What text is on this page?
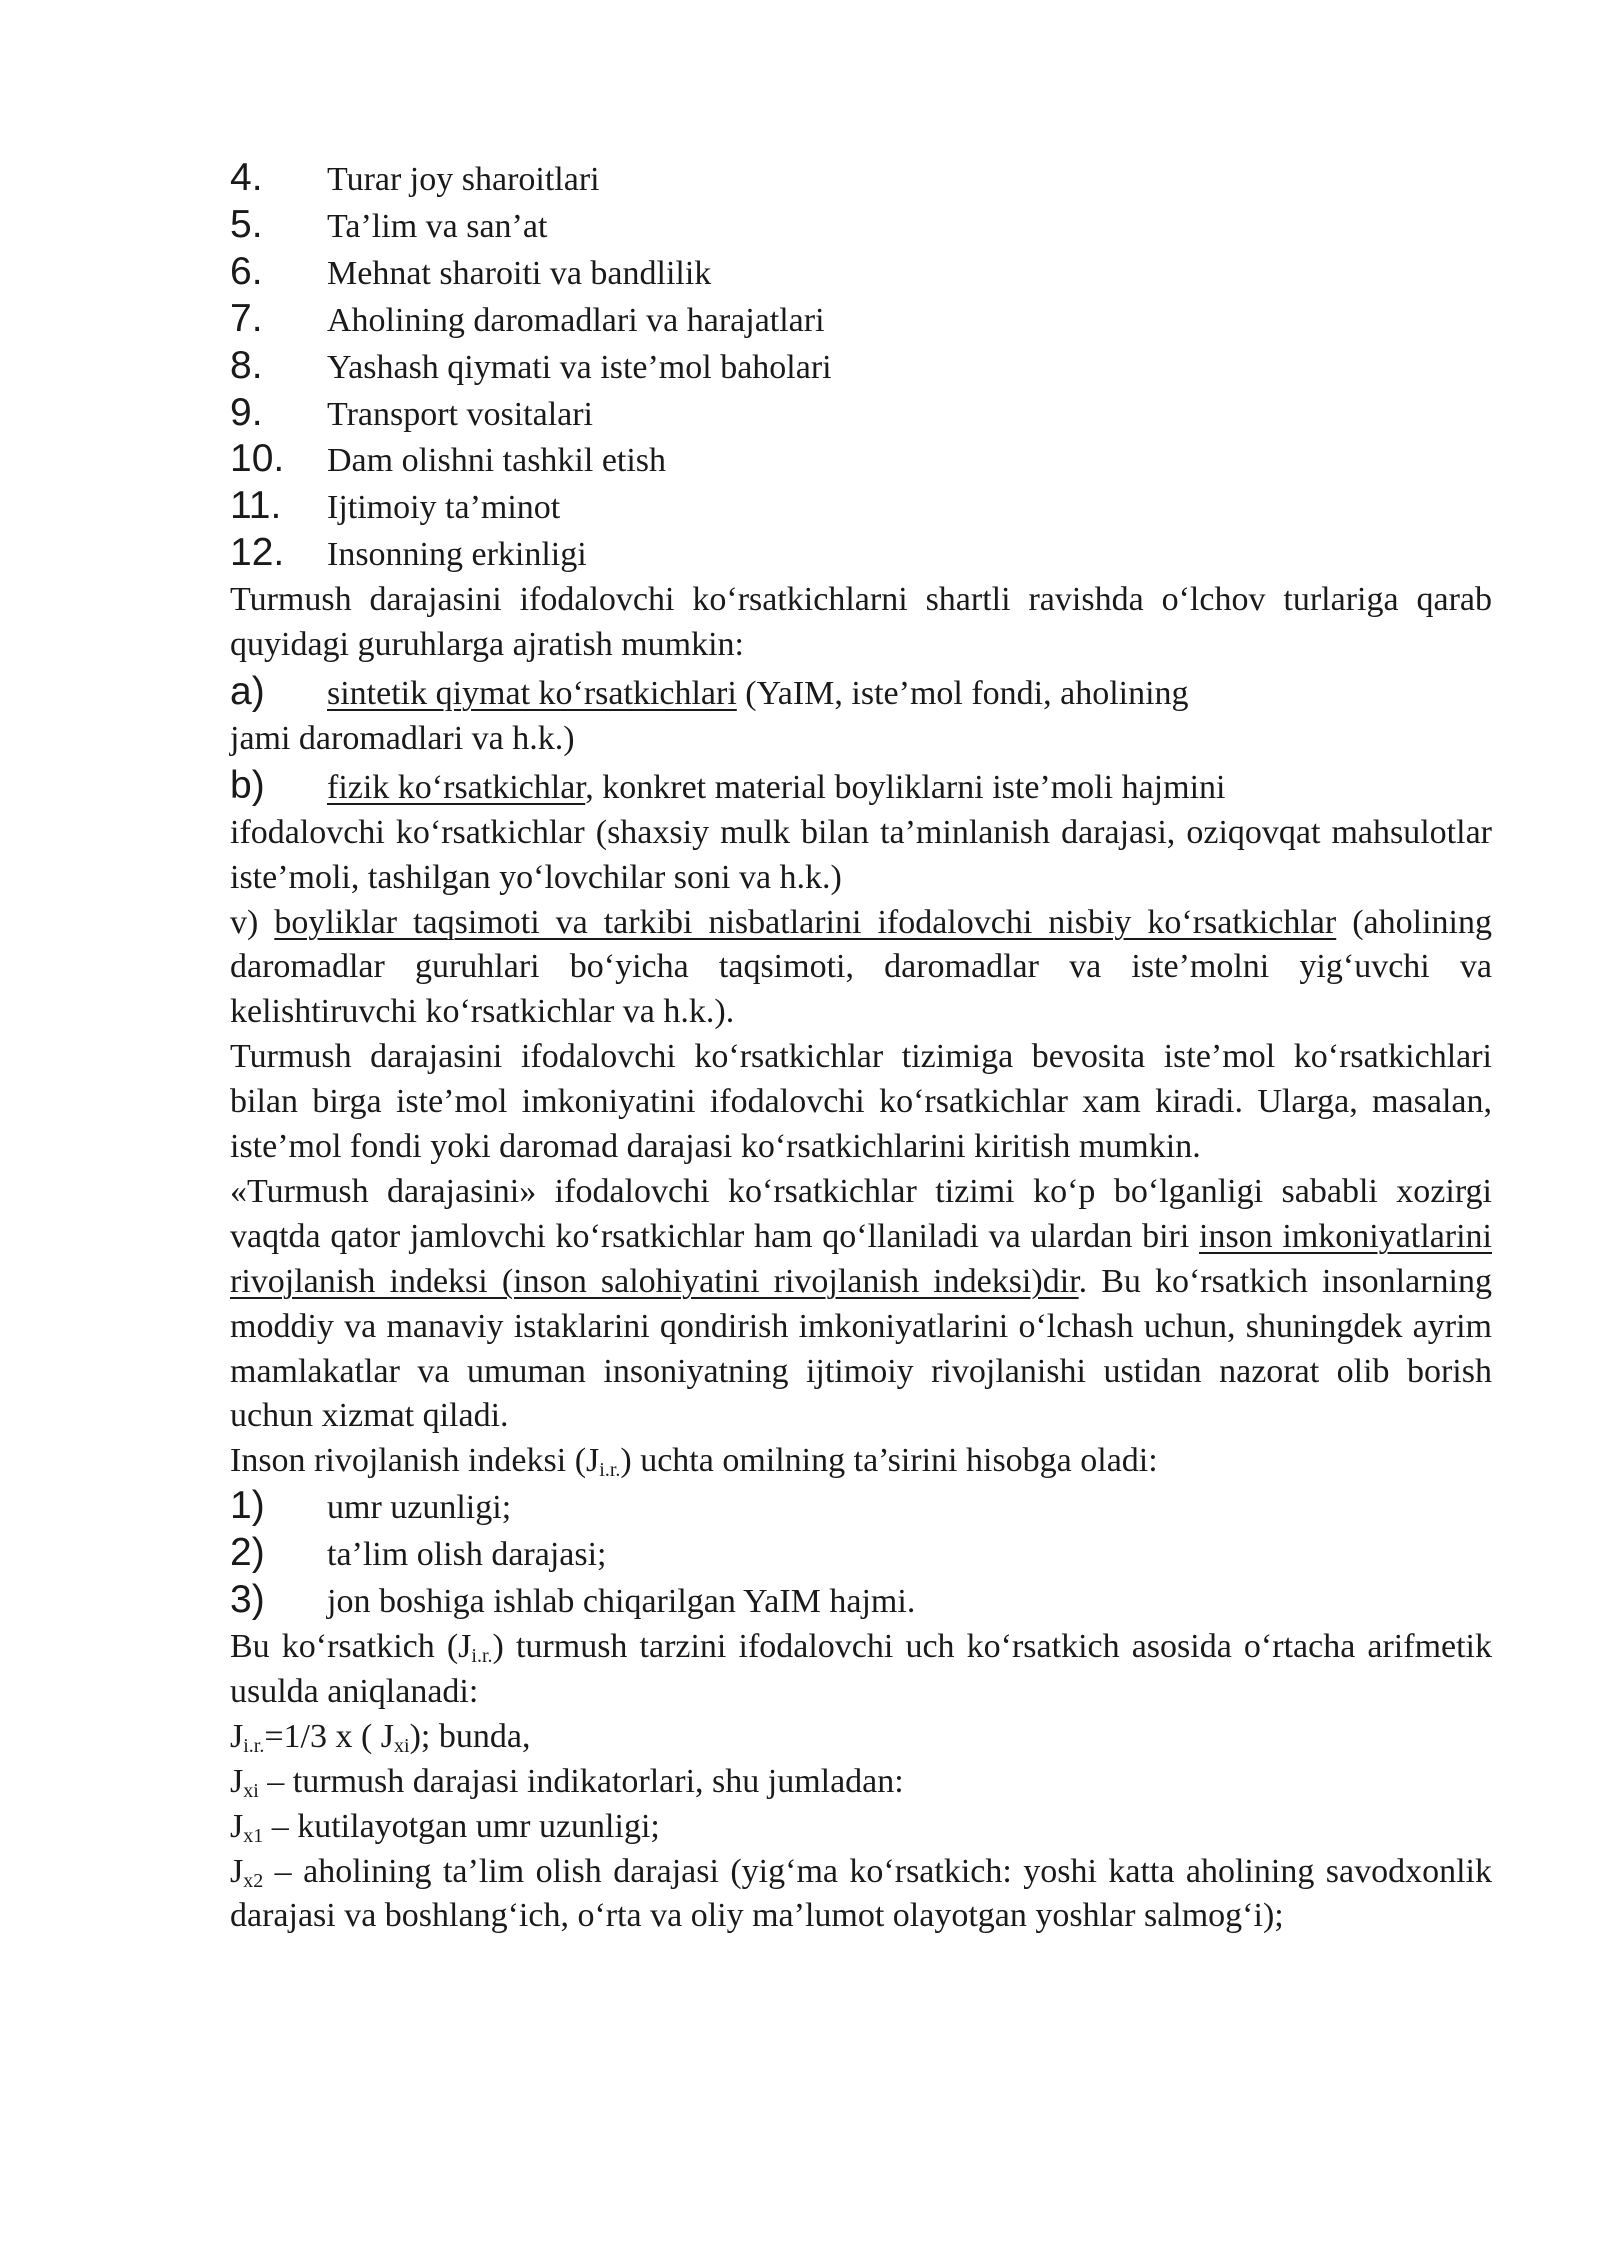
4.	Turar joy sharoitlari
5.	Ta’lim va san’at
6.	Mehnat sharoiti va bandlilik
7.	Aholining daromadlari va harajatlari
8.	Yashash qiymati va iste’mol baholari
9.	Transport vositalari
10.	Dam olishni tashkil etish
11.	Ijtimoiy ta’minot
12.	Insonning erkinligi

Turmush darajasini ifodalovchi ko‘rsatkichlarni shartli ravishda o‘lchov turlariga qarab quyidagi guruhlarga ajratish mumkin:

a)	sintetik qiymat ko‘rsatkichlari (YaIM, iste’mol fondi, aholining

jami daromadlari va h.k.)

b)	fizik ko‘rsatkichlar, konkret material boyliklarni iste’moli hajmini

ifodalovchi ko‘rsatkichlar (shaxsiy mulk bilan ta’minlanish darajasi, oziqovqat mahsulotlar iste’moli, tashilgan yo‘lovchilar soni va h.k.)

v) boyliklar taqsimoti va tarkibi nisbatlarini ifodalovchi nisbiy ko‘rsatkichlar (aholining daromadlar guruhlari bo‘yicha taqsimoti, daromadlar va iste’molni yig‘uvchi va kelishtiruvchi ko‘rsatkichlar va h.k.).

Turmush darajasini ifodalovchi ko‘rsatkichlar tizimiga bevosita iste’mol ko‘rsatkichlari bilan birga iste’mol imkoniyatini ifodalovchi ko‘rsatkichlar xam kiradi. Ularga, masalan, iste’mol fondi yoki daromad darajasi ko‘rsatkichlarini kiritish mumkin.

«Turmush darajasini» ifodalovchi ko‘rsatkichlar tizimi ko‘p bo‘lganligi sababli xozirgi vaqtda qator jamlovchi ko‘rsatkichlar ham qo‘llaniladi va ulardan biri inson imkoniyatlarini rivojlanish indeksi (inson salohiyatini rivojlanish indeksi)dir. Bu ko‘rsatkich insonlarning moddiy va manaviy istaklarini qondirish imkoniyatlarini o‘lchash uchun, shuningdek ayrim mamlakatlar va umuman insoniyatning ijtimoiy rivojlanishi ustidan nazorat olib borish uchun xizmat qiladi.

Inson rivojlanish indeksi $(J_{i.r.})$ uchta omilning ta’sirini hisobga oladi:

1)	umr uzunligi;
2)	ta’lim olish darajasi;
3)	jon boshiga ishlab chiqarilgan YaIM hajmi.

Bu ko‘rsatkich $(J_{i.r.})$ turmush tarzini ifodalovchi uch ko‘rsatkich asosida o‘rtacha arifmetik usulda aniqlanadi:

$J_{i.r.}=1/3$ x ( $J_{xi}$); bunda,

$J_{xi}$ – turmush darajasi indikatorlari, shu jumladan:

$J_{x1}$ – kutilayotgan umr uzunligi;

$J_{x2}$ – aholining ta’lim olish darajasi (yig‘ma ko‘rsatkich: yoshi katta aholining savodxonlik darajasi va boshlang‘ich, o‘rta va oliy ma’lumot olayotgan yoshlar salmog‘i);
